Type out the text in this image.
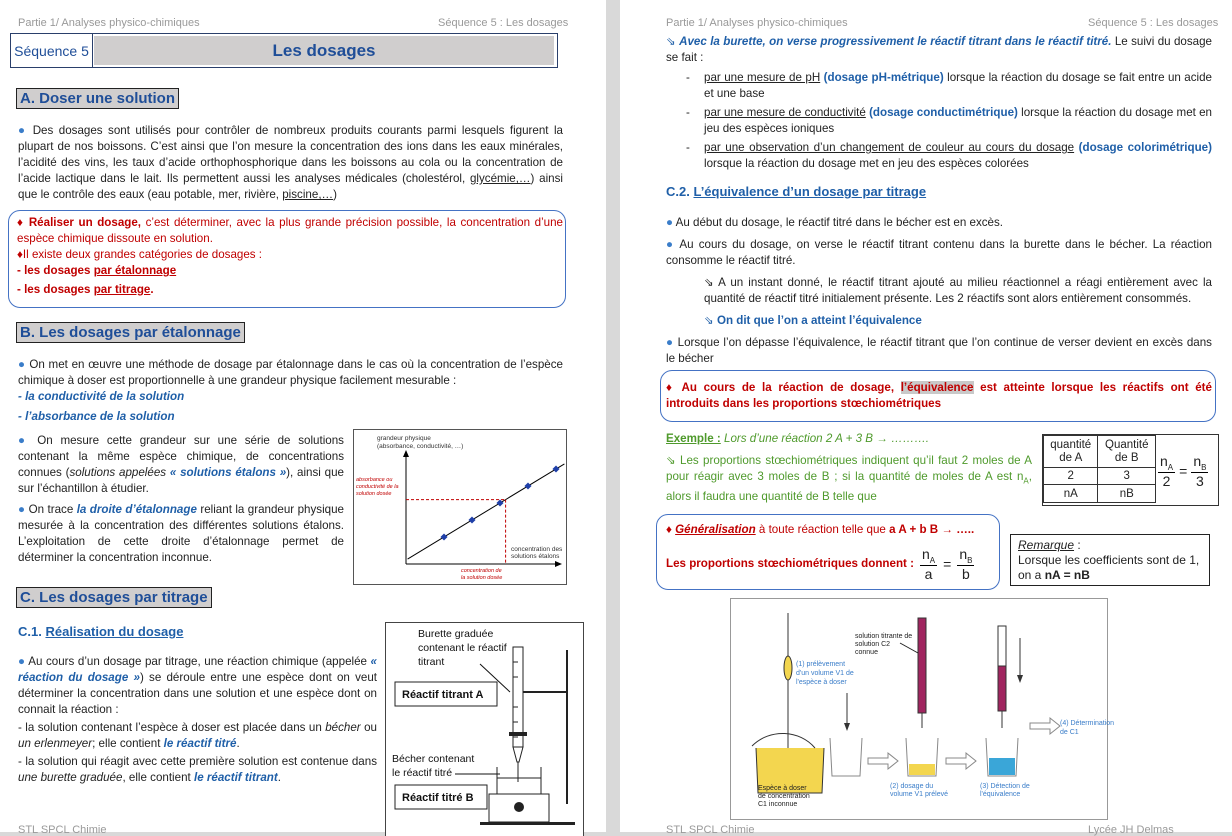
Partie 1/ Analyses physico-chimiques	Séquence 5 : Les dosages
Séquence 5	Les dosages
A. Doser une solution
● Des dosages sont utilisés pour contrôler de nombreux produits courants parmi lesquels figurent la plupart de nos boissons. C’est ainsi que l’on mesure la concentration des ions dans les eaux minérales, l’acidité des vins, les taux d’acide orthophosphorique dans les boissons au cola ou la concentration de l’acide lactique dans le lait. Ils permettent aussi les analyses médicales (cholestérol, glycémie,…) ainsi que le contrôle des eaux (eau potable, mer, rivière, piscine,…)
♦ Réaliser un dosage, c’est déterminer, avec la plus grande précision possible, la concentration d’une espèce chimique dissoute en solution.
♦Il existe deux grandes catégories de dosages :
- les dosages par étalonnage
- les dosages par titrage.
B. Les dosages par étalonnage
● On met en œuvre une méthode de dosage par étalonnage dans le cas où la concentration de l’espèce chimique à doser est proportionnelle à une grandeur physique facilement mesurable :
- la conductivité de la solution
- l’absorbance de la solution
● On mesure cette grandeur sur une série de solutions contenant la même espèce chimique, de concentrations connues (solutions appelées « solutions étalons »), ainsi que sur l’échantillon à étudier.
● On trace la droite d’étalonnage reliant la grandeur physique mesurée à la concentration des différentes solutions étalons. L’exploitation de cette droite d’étalonnage permet de déterminer la concentration inconnue.
grandeur physique
(absorbance, conductivité, …)
absorbance ou
conductivité de la
solution dosée
concentration des
solutions étalons
concentration de
la solution dosée
C. Les dosages par titrage
C.1. Réalisation du dosage
● Au cours d’un dosage par titrage, une réaction chimique (appelée « réaction du dosage ») se déroule entre une espèce dont on veut déterminer la concentration dans une solution et une espèce dont on connait la réaction :
- la solution contenant l’espèce à doser est placée dans un bécher ou un erlenmeyer; elle contient le réactif titré.
- la solution qui réagit avec cette première solution est contenue dans une burette graduée, elle contient le réactif titrant.
Burette graduée
contenant le réactif
titrant
Réactif titrant A
Bécher contenant
le réactif titré
Réactif titré B
STL SPCL Chimie
Partie 1/ Analyses physico-chimiques	Séquence 5 : Les dosages
⇘ Avec la burette, on verse progressivement le réactif titrant dans le réactif titré. Le suivi du dosage se fait :
-	par une mesure de pH (dosage pH-métrique) lorsque la réaction du dosage se fait entre un acide et une base
-	par une mesure de conductivité (dosage conductimétrique) lorsque la réaction du dosage met en jeu des espèces ioniques
-	par une observation d’un changement de couleur au cours du dosage (dosage colorimétrique) lorsque la réaction du dosage met en jeu des espèces colorées
C.2. L’équivalence d’un dosage par titrage
● Au début du dosage, le réactif titré dans le bécher est en excès.
● Au cours du dosage, on verse le réactif titrant contenu dans la burette dans le bécher. La réaction consomme le réactif titré.
⇘ A un instant donné, le réactif titrant ajouté au milieu réactionnel a réagi entièrement avec la quantité de réactif titré initialement présente. Les 2 réactifs sont alors entièrement consommés.
⇘ On dit que l’on a atteint l’équivalence
● Lorsque l’on dépasse l’équivalence, le réactif titrant que l’on continue de verser devient en excès dans le bécher
♦ Au cours de la réaction de dosage, l’équivalence est atteinte lorsque les réactifs ont été introduits dans les proportions stœchiométriques
Exemple : Lors d’une réaction 2 A + 3 B → ……….
⇘ Les proportions stœchiométriques indiquent qu’il faut 2 moles de A pour réagir avec 3 moles de B ; si la quantité de moles de A est $n_A$, alors il faudra une quantité de B telle que
quantité
de A	Quantité
de B
2	3
nA	nB
$\frac{n_A}{2} = \frac{n_B}{3}$
♦ Généralisation à toute réaction telle que a A + b B → …..
Les proportions stœchiométriques donnent : $\frac{n_A}{a} = \frac{n_B}{b}$
Remarque :
Lorsque les coefficients sont de 1,
on a nA = nB
solution titrante de
solution C2
connue
(1) prélèvement
d'un volume V1 de
l'espèce à doser
(4) Détermination
de C1
Espèce à doser
de concentration
C1 inconnue
(2) dosage du
volume V1 prélevé
(3) Détection de
l'équivalence
STL SPCL Chimie	Lycée JH Delmas
